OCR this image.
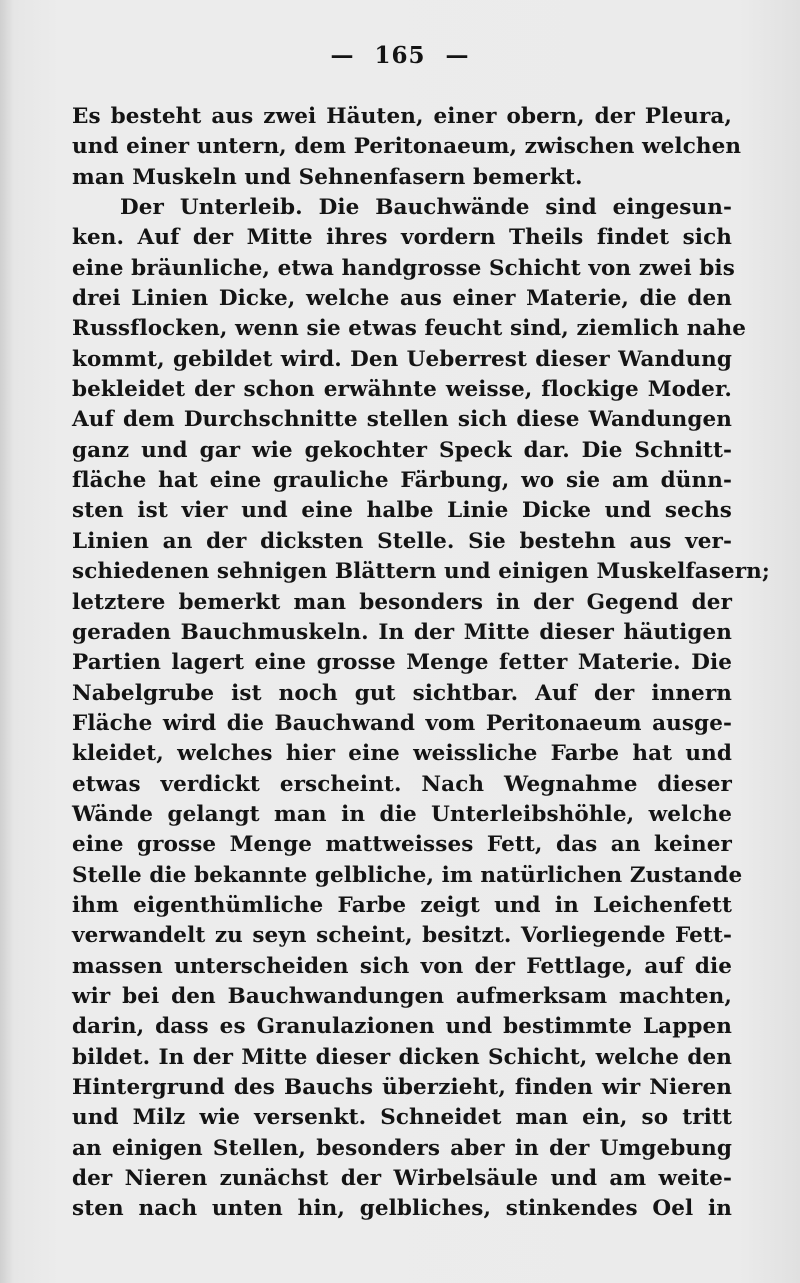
— 165 —
Es besteht aus zwei Häuten, einer obern, der Pleura,
und einer untern, dem Peritonaeum, zwischen welchen
man Muskeln und Sehnenfasern bemerkt.
Der Unterleib. Die Bauchwände sind eingesun-
ken. Auf der Mitte ihres vordern Theils findet sich
eine bräunliche, etwa handgrosse Schicht von zwei bis
drei Linien Dicke, welche aus einer Materie, die den
Russflocken, wenn sie etwas feucht sind, ziemlich nahe
kommt, gebildet wird. Den Ueberrest dieser Wandung
bekleidet der schon erwähnte weisse, flockige Moder.
Auf dem Durchschnitte stellen sich diese Wandungen
ganz und gar wie gekochter Speck dar. Die Schnitt-
fläche hat eine grauliche Färbung, wo sie am dünn-
sten ist vier und eine halbe Linie Dicke und sechs
Linien an der dicksten Stelle. Sie bestehn aus ver-
schiedenen sehnigen Blättern und einigen Muskelfasern;
letztere bemerkt man besonders in der Gegend der
geraden Bauchmuskeln. In der Mitte dieser häutigen
Partien lagert eine grosse Menge fetter Materie. Die
Nabelgrube ist noch gut sichtbar. Auf der innern
Fläche wird die Bauchwand vom Peritonaeum ausge-
kleidet, welches hier eine weissliche Farbe hat und
etwas verdickt erscheint. Nach Wegnahme dieser
Wände gelangt man in die Unterleibshöhle, welche
eine grosse Menge mattweisses Fett, das an keiner
Stelle die bekannte gelbliche, im natürlichen Zustande
ihm eigenthümliche Farbe zeigt und in Leichenfett
verwandelt zu seyn scheint, besitzt. Vorliegende Fett-
massen unterscheiden sich von der Fettlage, auf die
wir bei den Bauchwandungen aufmerksam machten,
darin, dass es Granulazionen und bestimmte Lappen
bildet. In der Mitte dieser dicken Schicht, welche den
Hintergrund des Bauchs überzieht, finden wir Nieren
und Milz wie versenkt. Schneidet man ein, so tritt
an einigen Stellen, besonders aber in der Umgebung
der Nieren zunächst der Wirbelsäule und am weite-
sten nach unten hin, gelbliches, stinkendes Oel in
